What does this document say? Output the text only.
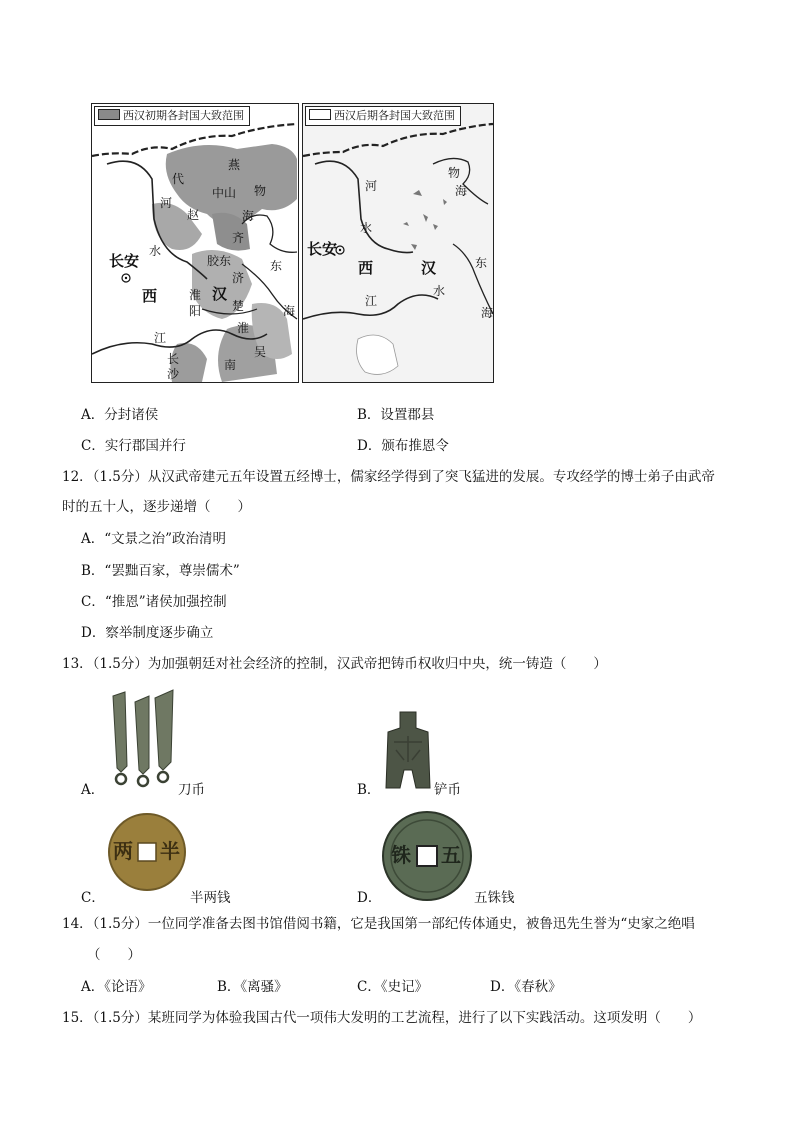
西汉初期各封国大致范围
燕
代
河
赵
中山 物
海
齐
长安	胶东
水
济
楚
汉
淮阳
东
西
江
吴
淮
南
海
长沙
西汉后期各封国大致范围
物
河	海
水
长安
西	汉
水
东
江
海
A．分封诸侯	B．设置郡县
C．实行郡国并行	D．颁布推恩令
12．（1.5分）从汉武帝建元五年设置五经博士，儒家经学得到了突飞猛进的发展。专攻经学的博士弟子由武帝
时的五十人，逐步递增（　　）
A．“文景之治”政治清明
B．“罢黜百家，尊崇儒术”
C．“推恩”诸侯加强控制
D．察举制度逐步确立
13．（1.5分）为加强朝廷对社会经济的控制，汉武帝把铸币权收归中央，统一铸造（　　）
A．	刀币	B．	铲币
两 半
C．	半两钱
铢 五
D．	五铢钱
14．（1.5分）一位同学准备去图书馆借阅书籍，它是我国第一部纪传体通史，被鲁迅先生誉为“史家之绝唱
（　　）
A．《论语》	B．《离骚》	C．《史记》	D．《春秋》
15．（1.5分）某班同学为体验我国古代一项伟大发明的工艺流程，进行了以下实践活动。这项发明（　　）
